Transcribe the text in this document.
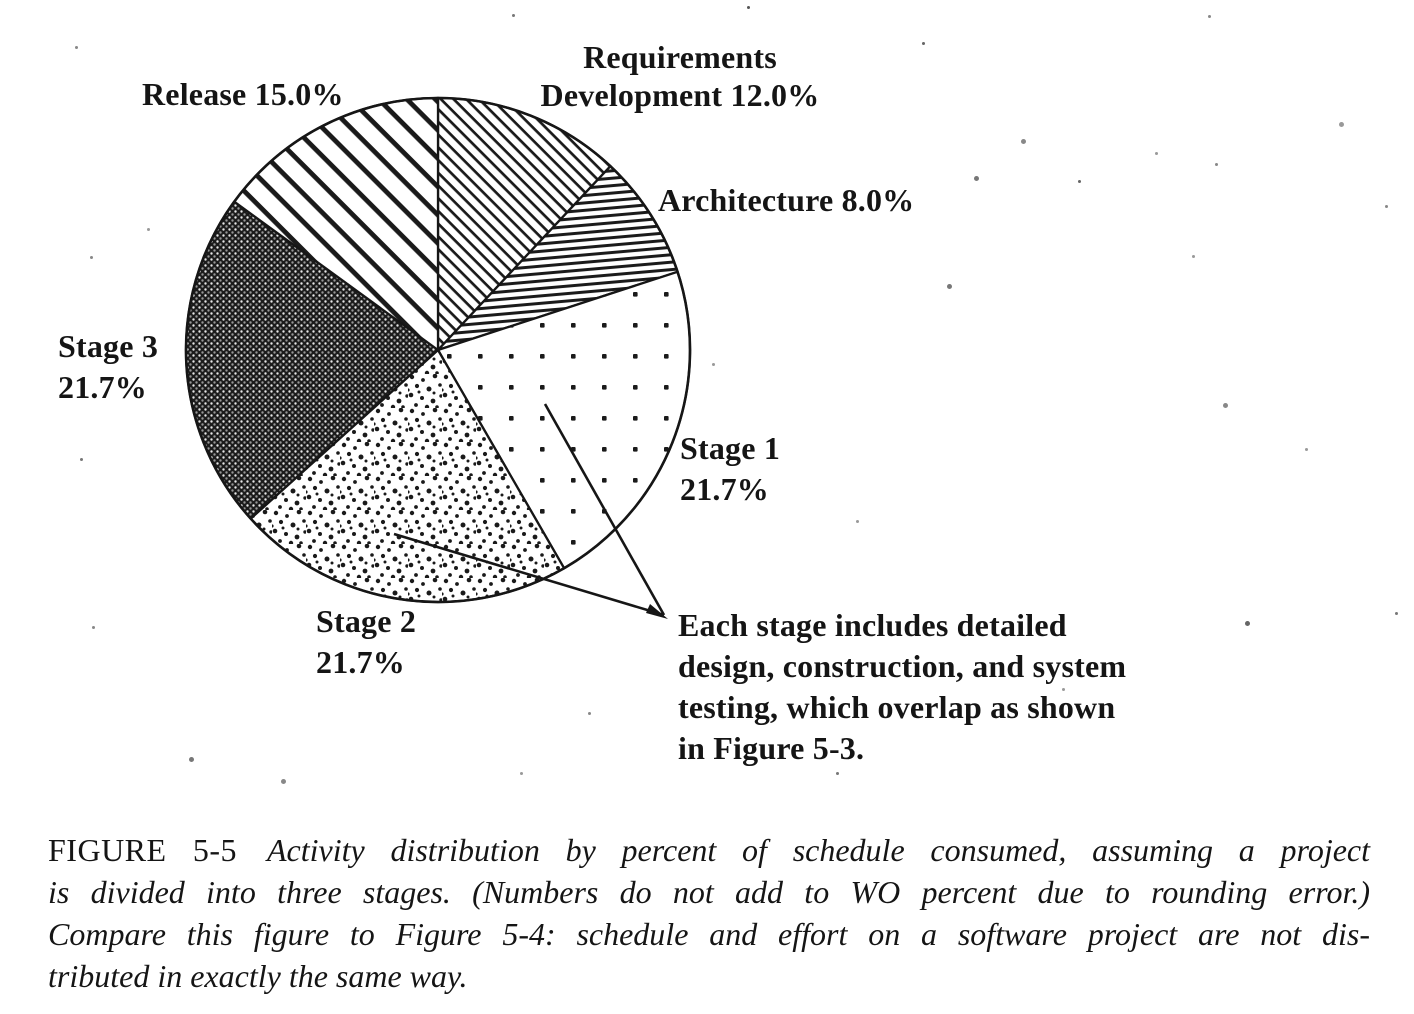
Release 15.0%
Requirements
Development 12.0%
Architecture 8.0%
Stage 3
21.7%
Stage 1
21.7%
Stage 2
21.7%
Each stage includes detailed
design, construction, and system
testing, which overlap as shown
in Figure 5-3.
FIGURE 5-5 Activity distribution by percent of schedule consumed, assuming a project
is divided into three stages. (Numbers do not add to WO percent due to rounding error.)
Compare this figure to Figure 5-4: schedule and effort on a software project are not dis-
tributed in exactly the same way.
